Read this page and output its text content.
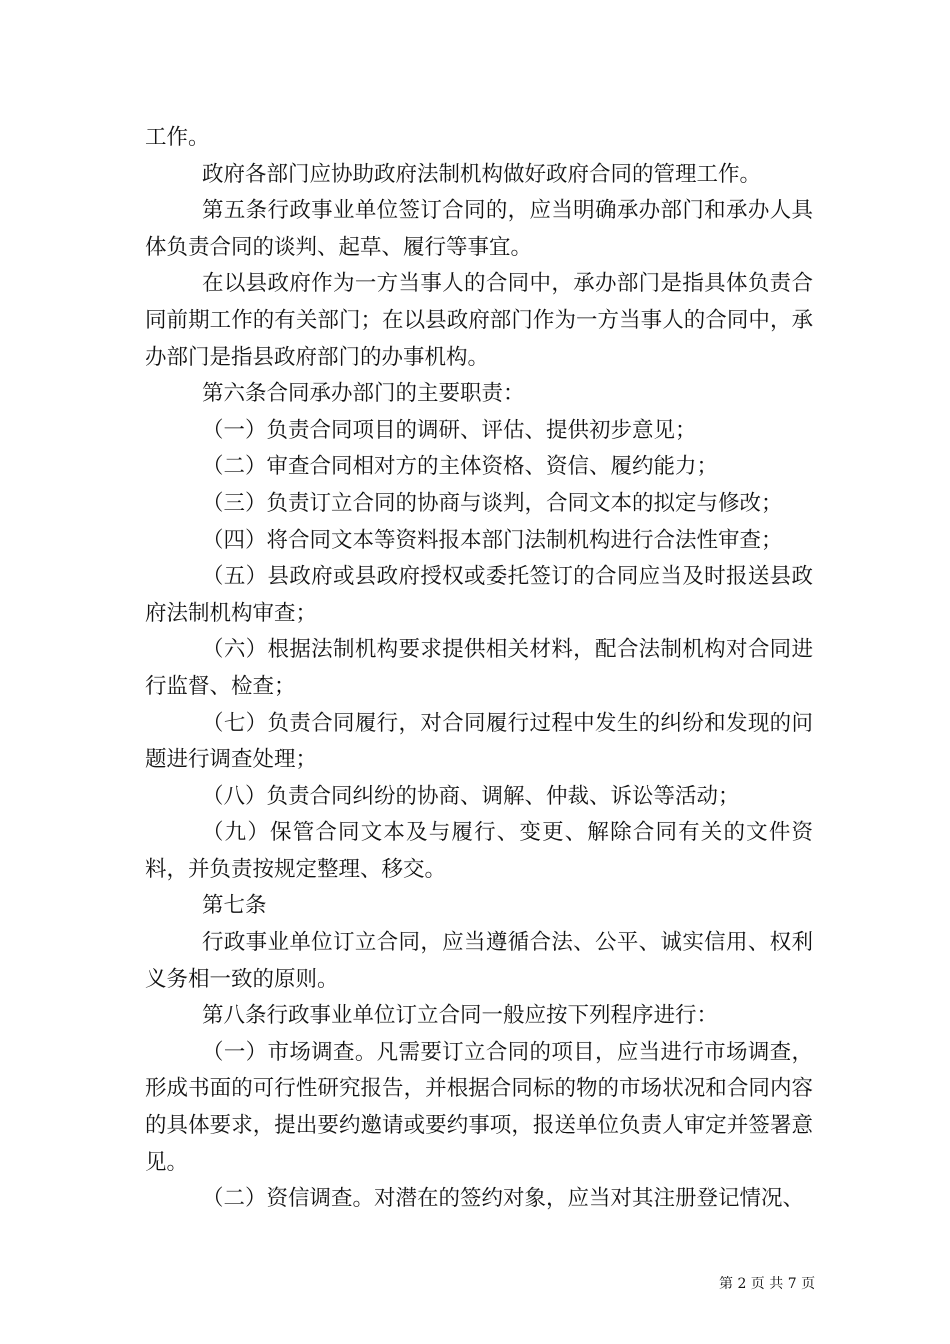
工作。

政府各部门应协助政府法制机构做好政府合同的管理工作。

第五条行政事业单位签订合同的，应当明确承办部门和承办人具体负责合同的谈判、起草、履行等事宜。

在以县政府作为一方当事人的合同中，承办部门是指具体负责合同前期工作的有关部门；在以县政府部门作为一方当事人的合同中，承办部门是指县政府部门的办事机构。

第六条合同承办部门的主要职责：

（一）负责合同项目的调研、评估、提供初步意见；

（二）审查合同相对方的主体资格、资信、履约能力；

（三）负责订立合同的协商与谈判，合同文本的拟定与修改；

（四）将合同文本等资料报本部门法制机构进行合法性审查；

（五）县政府或县政府授权或委托签订的合同应当及时报送县政府法制机构审查；

（六）根据法制机构要求提供相关材料，配合法制机构对合同进行监督、检查；

（七）负责合同履行，对合同履行过程中发生的纠纷和发现的问题进行调查处理；

（八）负责合同纠纷的协商、调解、仲裁、诉讼等活动；

（九）保管合同文本及与履行、变更、解除合同有关的文件资料，并负责按规定整理、移交。

第七条

行政事业单位订立合同，应当遵循合法、公平、诚实信用、权利义务相一致的原则。

第八条行政事业单位订立合同一般应按下列程序进行：

（一）市场调查。凡需要订立合同的项目，应当进行市场调查，形成书面的可行性研究报告，并根据合同标的物的市场状况和合同内容的具体要求，提出要约邀请或要约事项，报送单位负责人审定并签署意见。

（二）资信调查。对潜在的签约对象，应当对其注册登记情况、

第 2 页 共 7 页
